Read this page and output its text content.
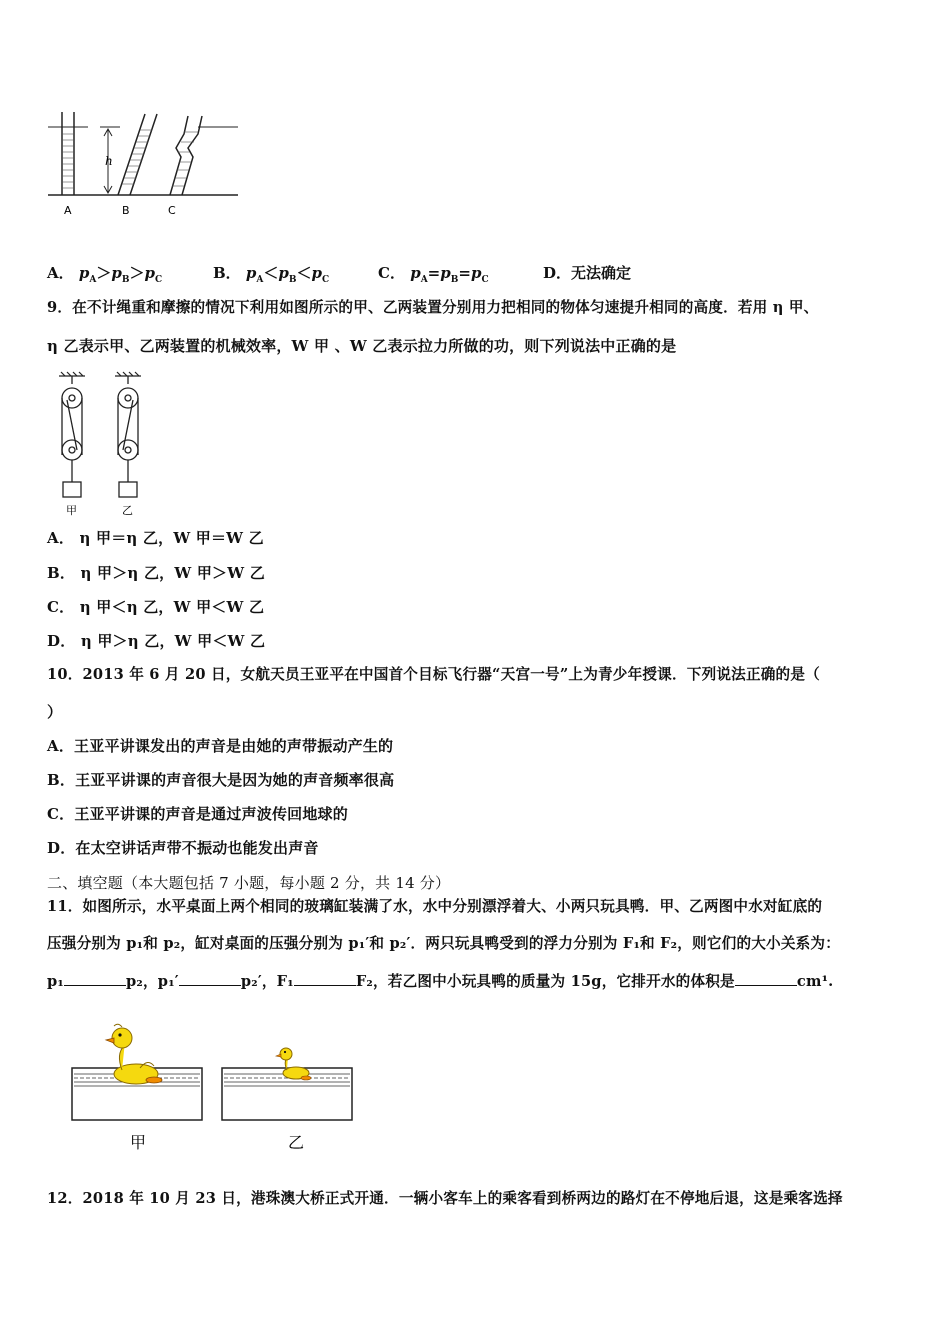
h
A	B	C
A． $p_A>p_B>p_C$	B． $p_A<p_B<p_C$	C． $p_A=p_B=p_C$	D．无法确定
9．在不计绳重和摩擦的情况下利用如图所示的甲、乙两装置分别用力把相同的物体匀速提升相同的高度．若用 η 甲、
η 乙表示甲、乙两装置的机械效率，W 甲 、W 乙表示拉力所做的功，则下列说法中正确的是
甲	乙
A． η 甲＝η 乙，W 甲＝W 乙
B． η 甲＞η 乙，W 甲＞W 乙
C． η 甲＜η 乙，W 甲＜W 乙
D． η 甲＞η 乙，W 甲＜W 乙
10．2013 年 6 月 20 日，女航天员王亚平在中国首个目标飞行器“天宫一号”上为青少年授课．下列说法正确的是（
）
A．王亚平讲课发出的声音是由她的声带振动产生的
B．王亚平讲课的声音很大是因为她的声音频率很高
C．王亚平讲课的声音是通过声波传回地球的
D．在太空讲话声带不振动也能发出声音
二、填空题（本大题包括 7 小题，每小题 2 分，共 14 分）
11．如图所示，水平桌面上两个相同的玻璃缸装满了水，水中分别漂浮着大、小两只玩具鸭．甲、乙两图中水对缸底的
压强分别为 p₁和 p₂，缸对桌面的压强分别为 p₁′和 p₂′．两只玩具鸭受到的浮力分别为 F₁和 F₂，则它们的大小关系为：
p₁	p₂，p₁′	p₂′，F₁	F₂，若乙图中小玩具鸭的质量为 15g，它排开水的体积是	cm¹.
甲	乙
12．2018 年 10 月 23 日，港珠澳大桥正式开通．一辆小客车上的乘客看到桥两边的路灯在不停地后退，这是乘客选择
